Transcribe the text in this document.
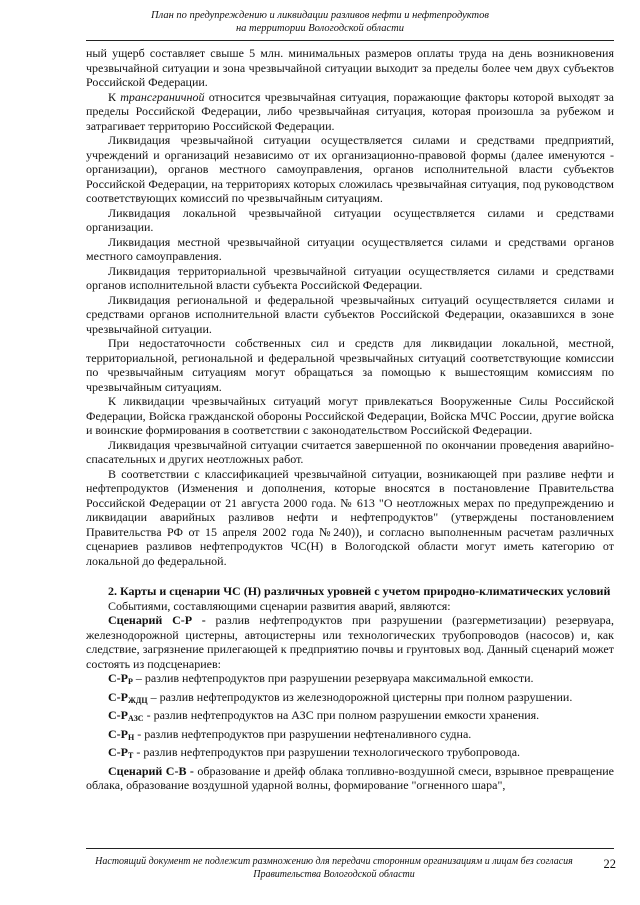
План по предупреждению и ликвидации разливов нефти и нефтепродуктов
на территории Вологодской области

ный ущерб составляет свыше 5 млн. минимальных размеров оплаты труда на день возникновения чрезвычайной ситуации и зона чрезвычайной ситуации выходит за пределы более чем двух субъектов Российской Федерации.

К трансграничной относится чрезвычайная ситуация, поражающие факторы которой выходят за пределы Российской Федерации, либо чрезвычайная ситуация, которая произошла за рубежом и затрагивает территорию Российской Федерации.

Ликвидация чрезвычайной ситуации осуществляется силами и средствами предприятий, учреждений и организаций независимо от их организационно-правовой формы (далее именуются - организации), органов местного самоуправления, органов исполнительной власти субъектов Российской Федерации, на территориях которых сложилась чрезвычайная ситуация, под руководством соответствующих комиссий по чрезвычайным ситуациям.

Ликвидация локальной чрезвычайной ситуации осуществляется силами и средствами организации.

Ликвидация местной чрезвычайной ситуации осуществляется силами и средствами органов местного самоуправления.

Ликвидация территориальной чрезвычайной ситуации осуществляется силами и средствами органов исполнительной власти субъекта Российской Федерации.

Ликвидация региональной и федеральной чрезвычайных ситуаций осуществляется силами и средствами органов исполнительной власти субъектов Российской Федерации, оказавшихся в зоне чрезвычайной ситуации.

При недостаточности собственных сил и средств для ликвидации локальной, местной, территориальной, региональной и федеральной чрезвычайных ситуаций соответствующие комиссии по чрезвычайным ситуациям могут обращаться за помощью к вышестоящим комиссиям по чрезвычайным ситуациям.

К ликвидации чрезвычайных ситуаций могут привлекаться Вооруженные Силы Российской Федерации, Войска гражданской обороны Российской Федерации, Войска МЧС России, другие войска и воинские формирования в соответствии с законодательством Российской Федерации.

Ликвидация чрезвычайной ситуации считается завершенной по окончании проведения аварийно-спасательных и других неотложных работ.

В соответствии с классификацией чрезвычайной ситуации, возникающей при разливе нефти и нефтепродуктов (Изменения и дополнения, которые вносятся в постановление Правительства Российской Федерации от 21 августа 2000 года. № 613 "О неотложных мерах по предупреждению и ликвидации аварийных разливов нефти и нефтепродуктов" (утверждены постановлением Правительства РФ от 15 апреля 2002 года №240)), и согласно выполненным расчетам различных сценариев разливов нефтепродуктов ЧС(Н) в Вологодской области могут иметь категорию от локальной до федеральной.

2. Карты и сценарии ЧС (Н) различных уровней с учетом природно-климатических условий

Событиями, составляющими сценарии развития аварий, являются:

Сценарий С-Р - разлив нефтепродуктов при разрушении (разгерметизации) резервуара, железнодорожной цистерны, автоцистерны или технологических трубопроводов (насосов) и, как следствие, загрязнение прилегающей к предприятию почвы и грунтовых вод. Данный сценарий может состоять из подсценариев:

$С-Р_Р$ – разлив нефтепродуктов при разрушении резервуара максимальной емкости.

$С-Р_{ЖДЦ}$ – разлив нефтепродуктов из железнодорожной цистерны при полном разрушении.

$С-Р_{АЗС}$ - разлив нефтепродуктов на АЗС при полном разрушении емкости хранения.

$С-Р_Н$ - разлив нефтепродуктов при разрушении нефтеналивного судна.

$С-Р_Т$ - разлив нефтепродуктов при разрушении технологического трубопровода.

Сценарий С-В - образование и дрейф облака топливно-воздушной смеси, взрывное превращение облака, образование воздушной ударной волны, формирование "огненного шара",

Настоящий документ не подлежит размножению для передачи сторонним организациям и лицам без согласия Правительства Вологодской области
22
